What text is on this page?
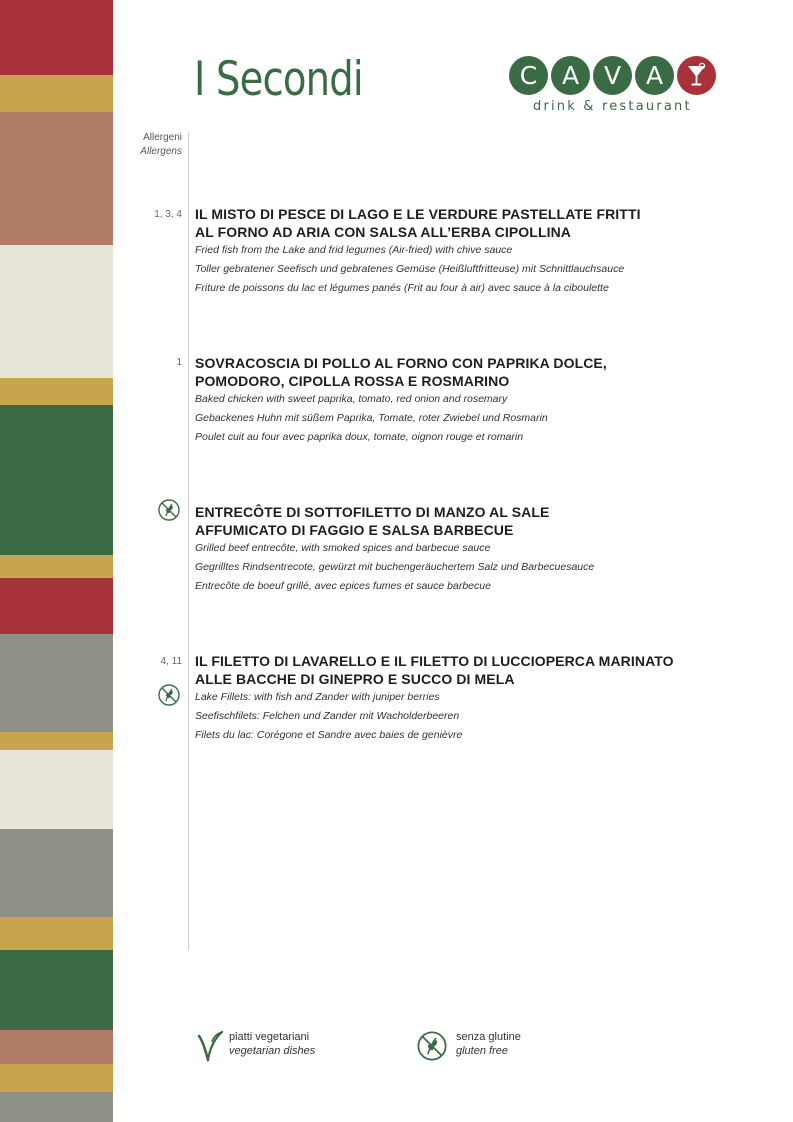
I Secondi	C A V A
drink & restaurant
Allergeni
Allergens
1, 3, 4 IL MISTO DI PESCE DI LAGO E LE VERDURE PASTELLATE FRITTI
AL FORNO AD ARIA CON SALSA ALL’ERBA CIPOLLINA
Fried fish from the Lake and frid legumes (Air-fried) with chive sauce
Toller gebratener Seefisch und gebratenes Gemüse (Heißluftfritteuse) mit Schnittlauchsauce
Friture de poissons du lac et légumes panés (Frit au four à air) avec sauce à la ciboulette
1 SOVRACOSCIA DI POLLO AL FORNO CON PAPRIKA DOLCE,
POMODORO, CIPOLLA ROSSA E ROSMARINO
Baked chicken with sweet paprika, tomato, red onion and rosemary
Gebackenes Huhn mit süßem Paprika, Tomate, roter Zwiebel und Rosmarin
Poulet cuit au four avec paprika doux, tomate, oignon rouge et romarin
ENTRECÔTE DI SOTTOFILETTO DI MANZO AL SALE
AFFUMICATO DI FAGGIO E SALSA BARBECUE
Grilled beef entrecôte, with smoked spices and barbecue sauce
Gegrilltes Rindsentrecote, gewürzt mit buchengeräuchertem Salz und Barbecuesauce
Entrecôte de boeuf grillé, avec epices fumes et sauce barbecue
4, 11 IL FILETTO DI LAVARELLO E IL FILETTO DI LUCCIOPERCA MARINATO
ALLE BACCHE DI GINEPRO E SUCCO DI MELA
Lake Fillets: with fish and Zander with juniper berries
Seefischfilets: Felchen und Zander mit Wacholderbeeren
Filets du lac: Corégone et Sandre avec baies de genièvre
piatti vegetariani
vegetarian dishes
senza glutine
gluten free
